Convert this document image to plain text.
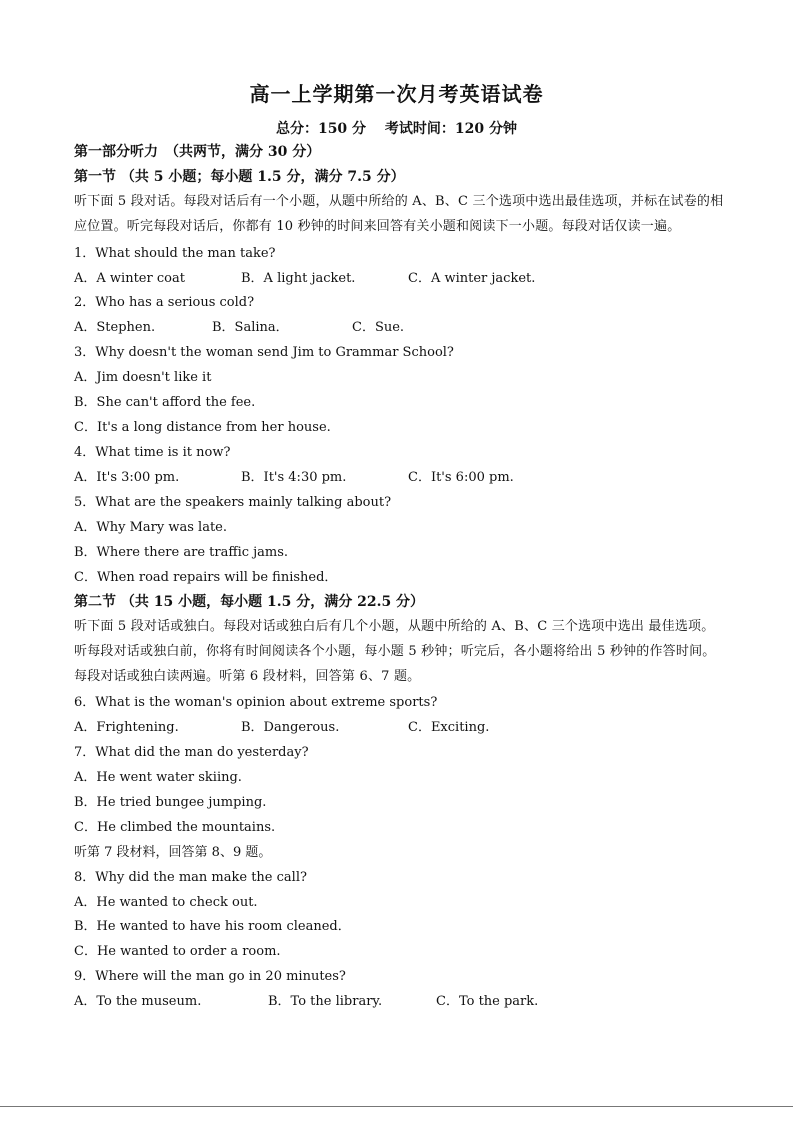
高一上学期第一次月考英语试卷
总分：150 分　 考试时间：120 分钟
第一部分听力　（共两节，满分 30 分）
第一节 （共 5 小题；每小题 1.5 分，满分 7.5 分）
听下面 5 段对话。每段对话后有一个小题，从题中所给的 A、B、C 三个选项中选出最佳选项，并标在试卷的相应位置。听完每段对话后，你都有 10 秒钟的时间来回答有关小题和阅读下一小题。每段对话仅读一遍。
1．What should the man take?
A．A winter coat	B．A light jacket.	C．A winter jacket.
2．Who has a serious cold?
A．Stephen.	B．Salina．	C．Sue.
3．Why doesn't the woman send Jim to Grammar School?
A．Jim doesn't like it
B．She can't afford the fee.
C．It's a long distance from her house.
4．What time is it now?
A．It's 3:00 pm.	B．It's 4:30 pm.	C．It's 6:00 pm.
5．What are the speakers mainly talking about?
A．Why Mary was late.
B．Where there are traffic jams.
C．When road repairs will be finished．
第二节 （共 15 小题，每小题 1.5 分，满分 22.5 分）
听下面 5 段对话或独白。每段对话或独白后有几个小题，从题中所给的 A、B、C 三个选项中选出 最佳选项。听每段对话或独白前，你将有时间阅读各个小题，每小题 5 秒钟；听完后，各小题将给出 5 秒钟的作答时间。每段对话或独白读两遍。听第 6 段材料，回答第 6、7 题。
6．What is the woman's opinion about extreme sports?
A．Frightening.	B．Dangerous.	C．Exciting.
7．What did the man do yesterday?
A．He went water skiing.
B．He tried bungee jumping.
C．He climbed the mountains.
听第 7 段材料，回答第 8、9 题。
8．Why did the man make the call?
A．He wanted to check out.
B．He wanted to have his room cleaned．
C．He wanted to order a room.
9．Where will the man go in 20 minutes?
A．To the museum.	B．To the library.	C．To the park.
